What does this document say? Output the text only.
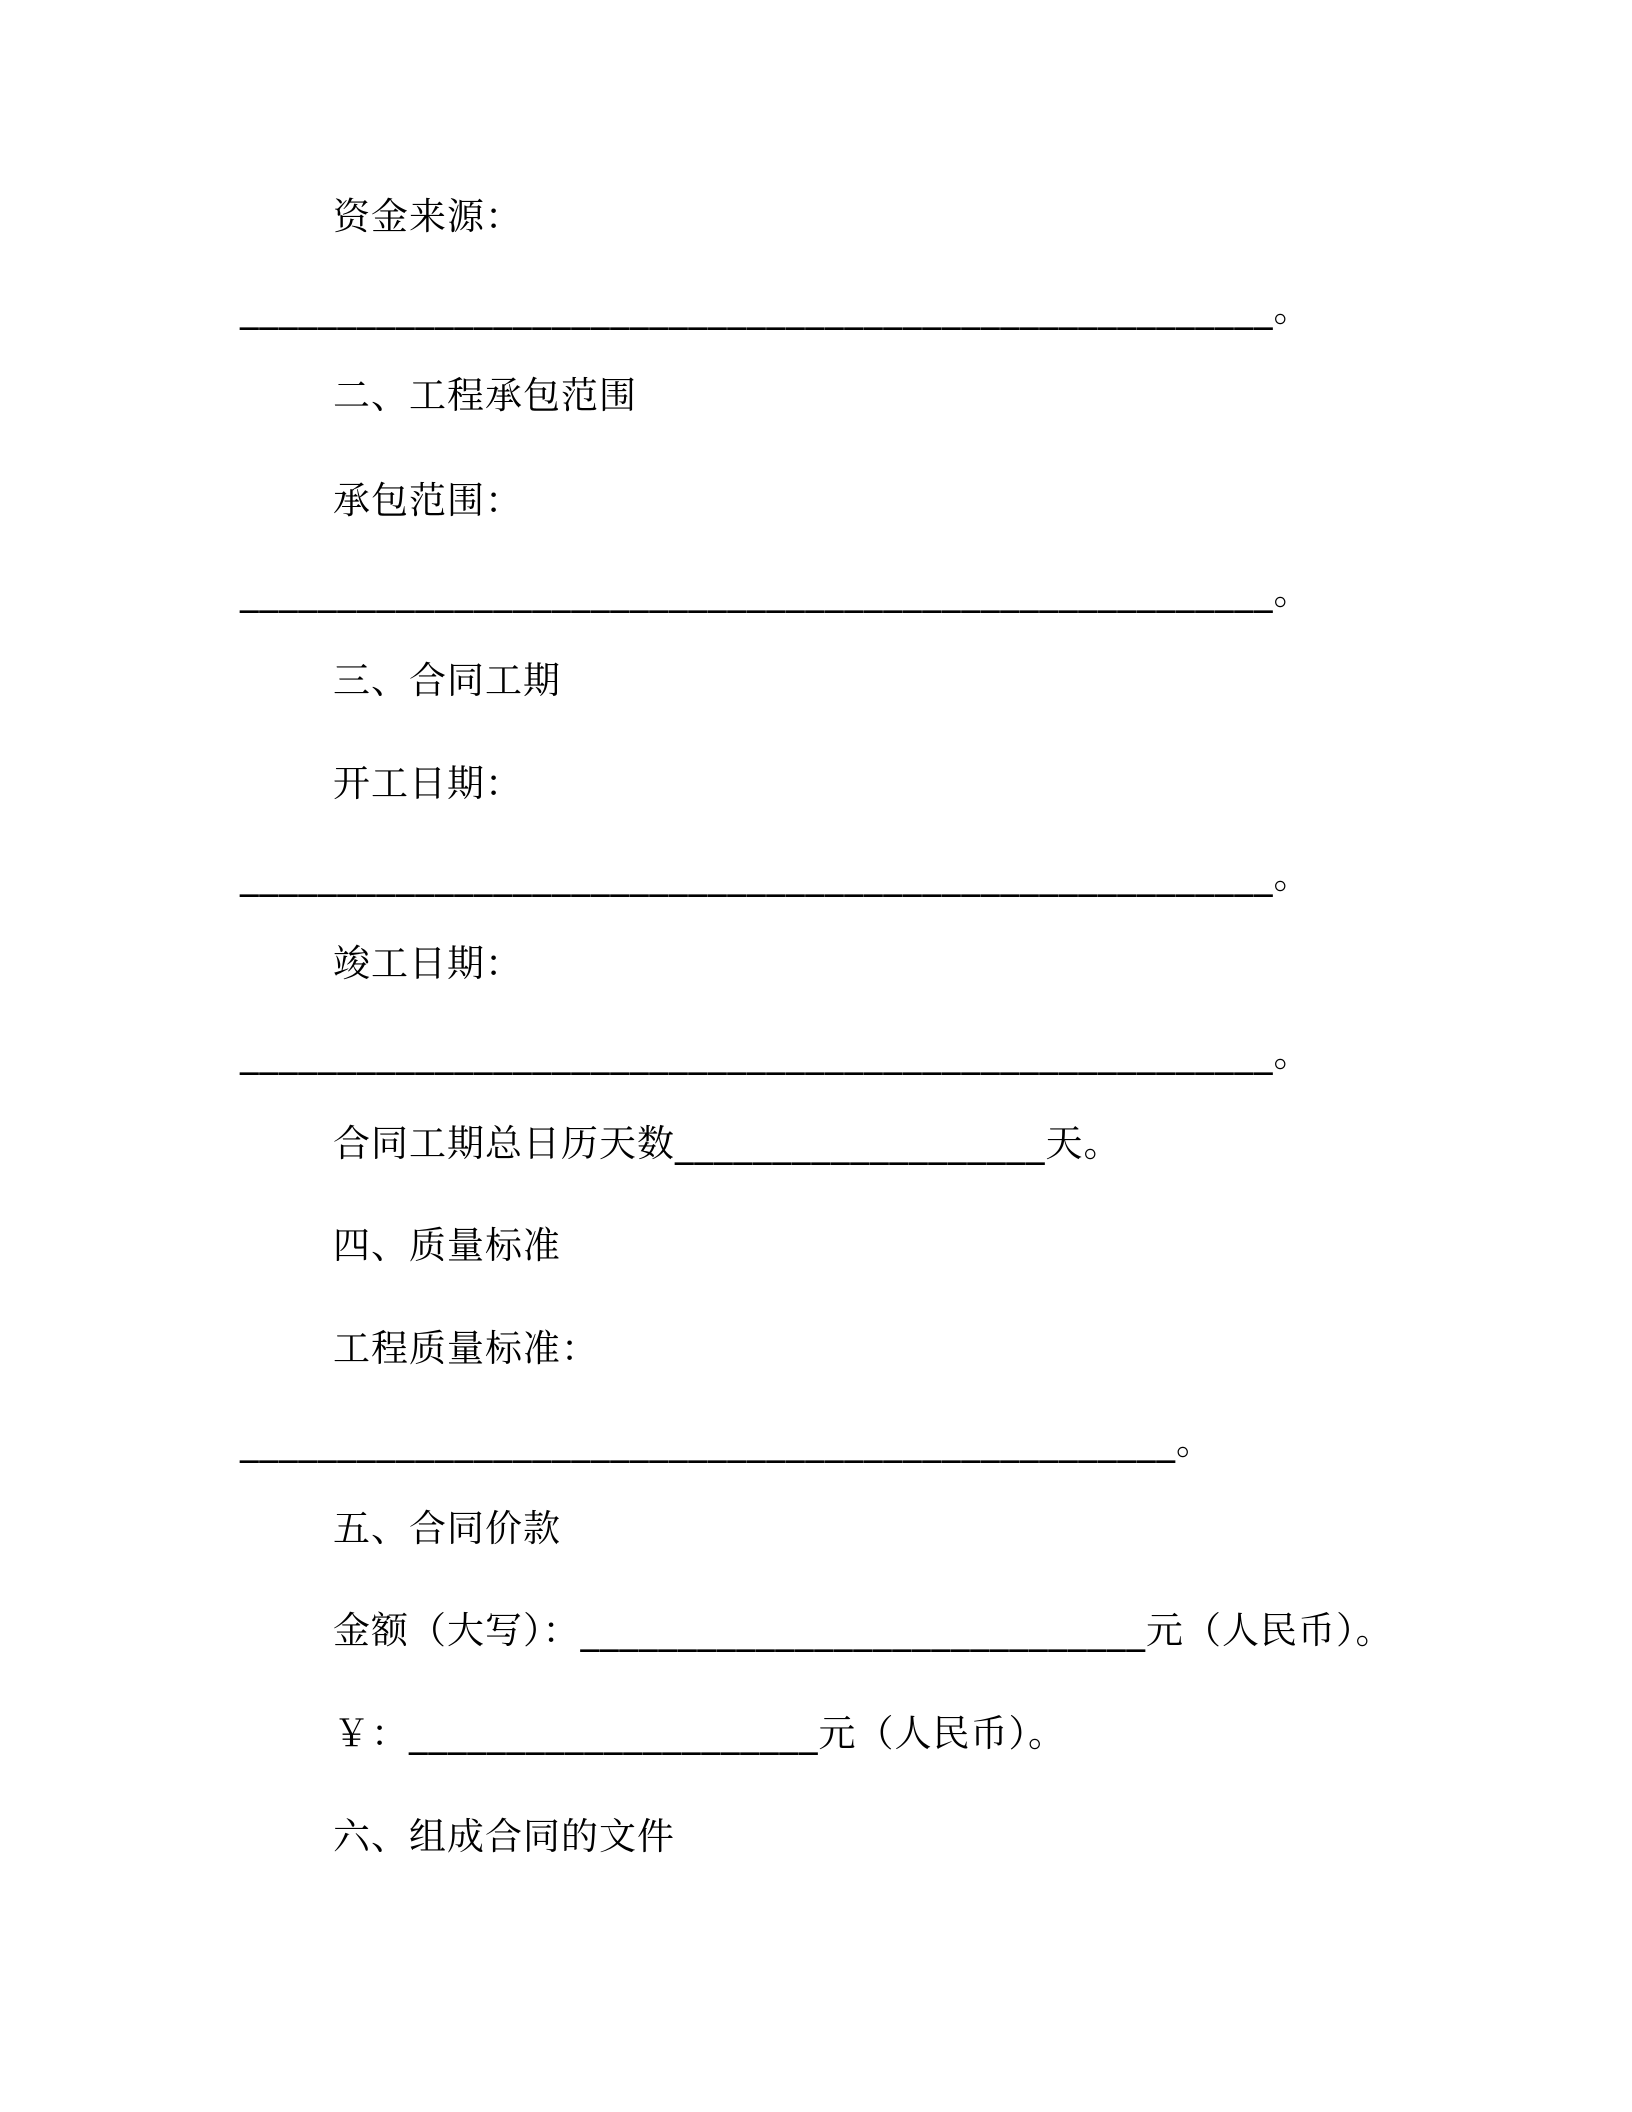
资金来源：
_____________________________________________________。
二、工程承包范围
承包范围：
_____________________________________________________。
三、合同工期
开工日期：
_____________________________________________________。
竣工日期：
_____________________________________________________。
合同工期总日历天数___________________天。
四、质量标准
工程质量标准：
________________________________________________。
五、合同价款
金额（大写）：_____________________________元（人民币）。
￥：_____________________元（人民币）。
六、组成合同的文件
